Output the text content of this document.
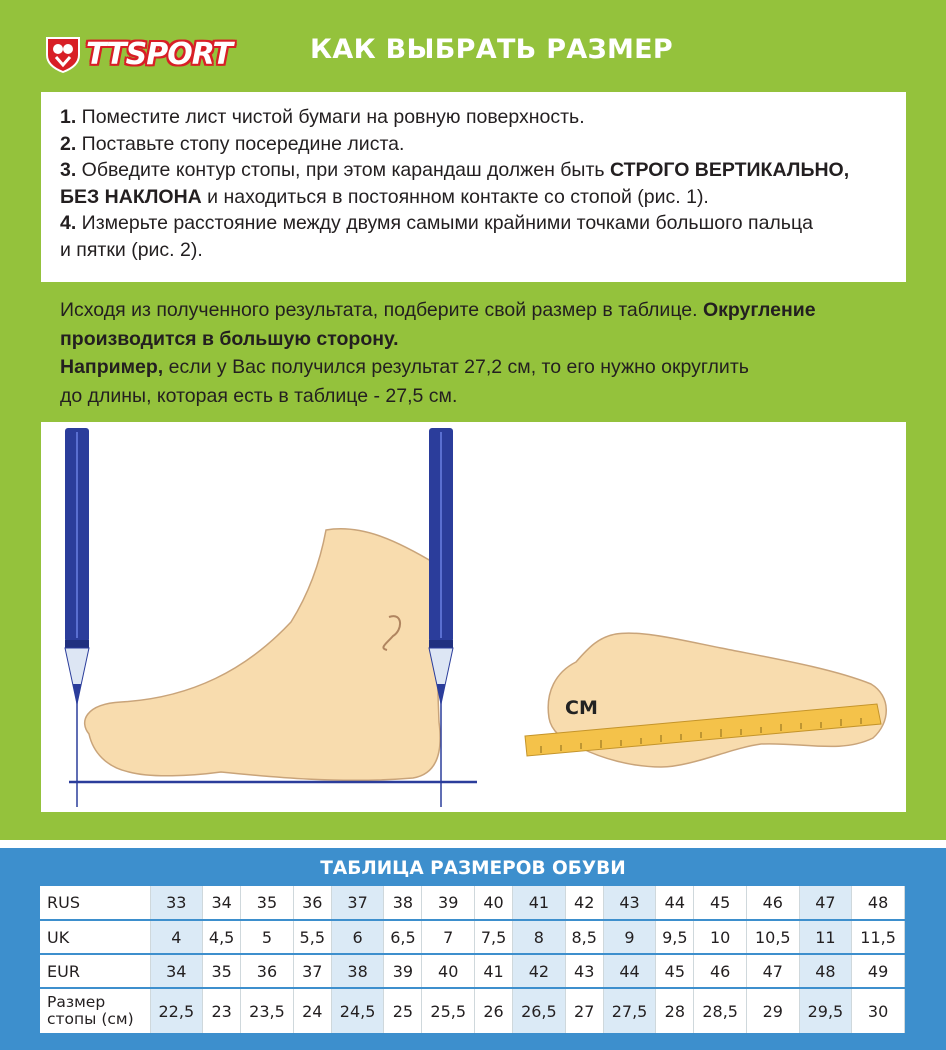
TTSPORT	КАК ВЫБРАТЬ РАЗМЕР
1. Поместите лист чистой бумаги на ровную поверхность.
2. Поставьте стопу посередине листа.
3. Обведите контур стопы, при этом карандаш должен быть СТРОГО ВЕРТИКАЛЬНО,
БЕЗ НАКЛОНА и находиться в постоянном контакте со стопой (рис. 1).
4. Измерьте расстояние между двумя самыми крайними точками большого пальца
и пятки (рис. 2).
Исходя из полученного результата, подберите свой размер в таблице. Округление
производится в большую сторону.
Например, если у Вас получился результат 27,2 см, то его нужно округлить
до длины, которая есть в таблице - 27,5 см.
СМ
ТАБЛИЦА РАЗМЕРОВ ОБУВИ
RUS	33	34	35	36	37	38	39	40	41	42	43	44	45	46	47	48
UK	4	4,5	5	5,5	6	6,5	7	7,5	8	8,5	9	9,5	10	10,5	11	11,5
EUR	34	35	36	37	38	39	40	41	42	43	44	45	46	47	48	49

Размер
стопы (см)	22,5	23	23,5	24	24,5	25	25,5	26	26,5	27	27,5	28	28,5	29	29,5	30
